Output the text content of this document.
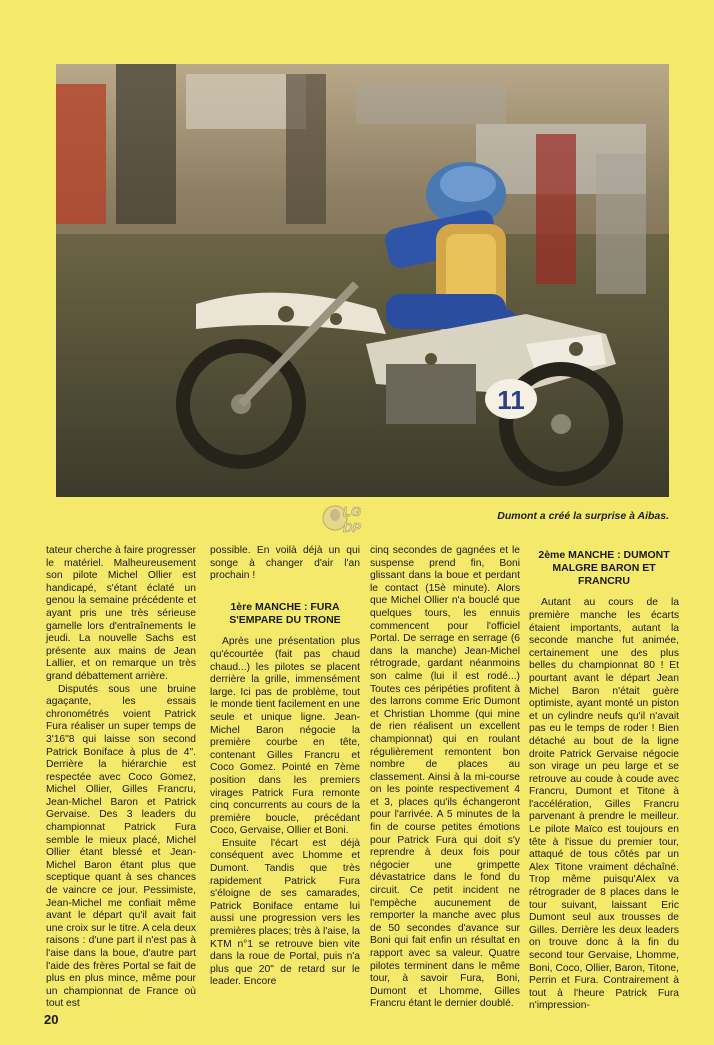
11
Dumont a créé la surprise à Aibas.
LG
DP

tateur cherche à faire progresser le matériel. Malheureusement son pilote Michel Ollier est handicapé, s'étant éclaté un genou la semaine précédente et ayant pris une très sérieuse gamelle lors d'entraînements le jeudi. La nouvelle Sachs est présente aux mains de Jean Lallier, et on remarque un très grand débattement arrière.

Disputés sous une bruine agaçante, les essais chronométrés voient Patrick Fura réaliser un super temps de 3'16"8 qui laisse son second Patrick Boniface à plus de 4". Derrière la hiérarchie est respectée avec Coco Gomez, Michel Ollier, Gilles Francru, Jean-Michel Baron et Patrick Gervaise. Des 3 leaders du championnat Patrick Fura semble le mieux placé, Michel Ollier étant blessé et Jean-Michel Baron étant plus que sceptique quant à ses chances de vaincre ce jour. Pessimiste, Jean-Michel me confiait même avant le départ qu'il avait fait une croix sur le titre. A cela deux raisons : d'une part il n'est pas à l'aise dans la boue, d'autre part l'aide des frères Portal se fait de plus en plus mince, même pour un championnat de France où tout est

possible. En voilà déjà un qui songe à changer d'air l'an prochain !

1ère MANCHE : FURA S'EMPARE DU TRONE

Après une présentation plus qu'écourtée (fait pas chaud chaud...) les pilotes se placent derrière la grille, immensément large. Ici pas de problème, tout le monde tient facilement en une seule et unique ligne. Jean-Michel Baron négocie la première courbe en tête, contenant Gilles Francru et Coco Gomez. Pointé en 7ème position dans les premiers virages Patrick Fura remonte cinq concurrents au cours de la première boucle, précédant Coco, Gervaise, Ollier et Boni.

Ensuite l'écart est déjà conséquent avec Lhomme et Dumont. Tandis que très rapidement Patrick Fura s'éloigne de ses camarades, Patrick Boniface entame lui aussi une progression vers les premières places; très à l'aise, la KTM n°1 se retrouve bien vite dans la roue de Portal, puis n'a plus que 20" de retard sur le leader. Encore

cinq secondes de gagnées et le suspense prend fin, Boni glissant dans la boue et perdant le contact (15è minute). Alors que Michel Ollier n'a bouclé que quelques tours, les ennuis commencent pour l'officiel Portal. De serrage en serrage (6 dans la manche) Jean-Michel rétrograde, gardant néanmoins son calme (lui il est rodé...) Toutes ces péripéties profitent à des larrons comme Eric Dumont et Christian Lhomme (qui mine de rien réalisent un excellent championnat) qui en roulant régulièrement remontent bon nombre de places au classement. Ainsi à la mi-course on les pointe respectivement 4 et 3, places qu'ils échangeront pour l'arrivée. A 5 minutes de la fin de course petites émotions pour Patrick Fura qui doit s'y reprendre à deux fois pour négocier une grimpette dévastatrice dans le fond du circuit. Ce petit incident ne l'empèche aucunement de remporter la manche avec plus de 50 secondes d'avance sur Boni qui fait enfin un résultat en rapport avec sa valeur. Quatre pilotes terminent dans le même tour, à savoir Fura, Boni, Dumont et Lhomme, Gilles Francru étant le dernier doublé.

2ème MANCHE : DUMONT MALGRE BARON ET FRANCRU

Autant au cours de la première manche les écarts étaient importants, autant la seconde manche fut animée, certainement une des plus belles du championnat 80 ! Et pourtant avant le départ Jean Michel Baron n'était guère optimiste, ayant monté un piston et un cylindre neufs qu'il n'avait pas eu le temps de roder ! Bien détaché au bout de la ligne droite Patrick Gervaise négocie son virage un peu large et se retrouve au coude à coude avec Francru, Dumont et Titone à l'accélération, Gilles Francru parvenant à prendre le meilleur. Le pilote Maïco est toujours en tête à l'issue du premier tour, attaqué de tous côtés par un Alex Titone vraiment déchaîné. Trop même puisqu'Alex va rétrograder de 8 places dans le tour suivant, laissant Eric Dumont seul aux trousses de Gilles. Derrière les deux leaders on trouve donc à la fin du second tour Gervaise, Lhomme, Boni, Coco, Ollier, Baron, Titone, Perrin et Fura. Contrairement à tout à l'heure Patrick Fura n'impression-

20
